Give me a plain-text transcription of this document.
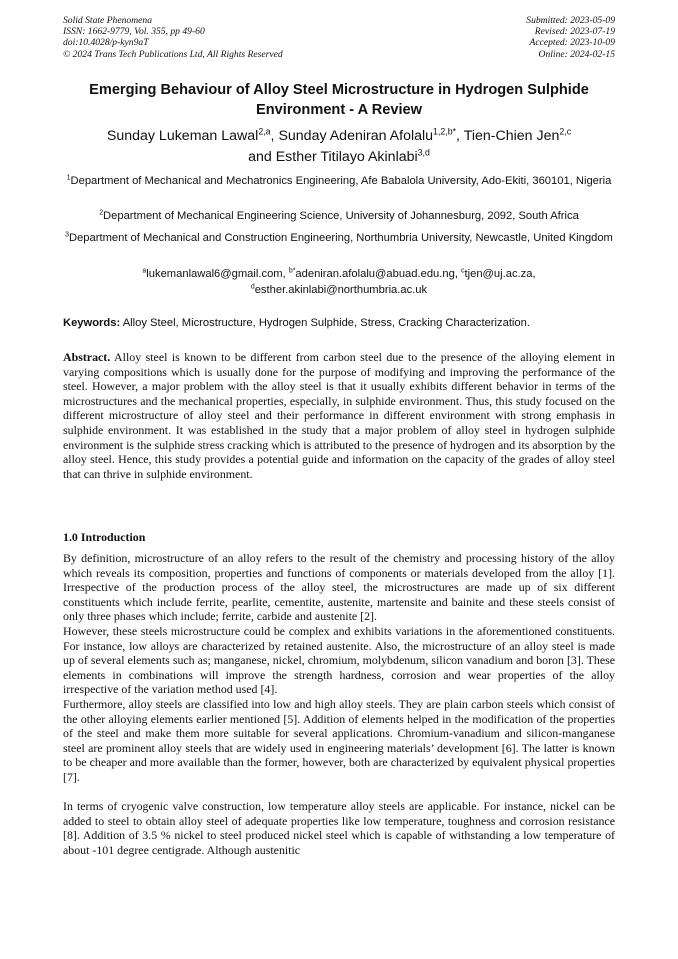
Solid State Phenomena
ISSN: 1662-9779, Vol. 355, pp 49-60
doi:10.4028/p-kyn9aT
© 2024 Trans Tech Publications Ltd, All Rights Reserved
Submitted: 2023-05-09
Revised: 2023-07-19
Accepted: 2023-10-09
Online: 2024-02-15
Emerging Behaviour of Alloy Steel Microstructure in Hydrogen Sulphide Environment - A Review
Sunday Lukeman Lawal$^{2,a}$, Sunday Adeniran Afolalu$^{1,2,b*}$, Tien-Chien Jen$^{2,c}$
and Esther Titilayo Akinlabi$^{3,d}$
$^1$Department of Mechanical and Mechatronics Engineering, Afe Babalola University, Ado-Ekiti, 360101, Nigeria
$^2$Department of Mechanical Engineering Science, University of Johannesburg, 2092, South Africa
$^3$Department of Mechanical and Construction Engineering, Northumbria University, Newcastle, United Kingdom
$^a$lukemanlawal6@gmail.com, $^{b*}$adeniran.afolalu@abuad.edu.ng, $^c$tjen@uj.ac.za,
$^d$esther.akinlabi@northumbria.ac.uk
Keywords: Alloy Steel, Microstructure, Hydrogen Sulphide, Stress, Cracking Characterization.
Abstract. Alloy steel is known to be different from carbon steel due to the presence of the alloying element in varying compositions which is usually done for the purpose of modifying and improving the performance of the steel. However, a major problem with the alloy steel is that it usually exhibits different behavior in terms of the microstructures and the mechanical properties, especially, in sulphide environment. Thus, this study focused on the different microstructure of alloy steel and their performance in different environment with strong emphasis in sulphide environment. It was established in the study that a major problem of alloy steel in hydrogen sulphide environment is the sulphide stress cracking which is attributed to the presence of hydrogen and its absorption by the alloy steel. Hence, this study provides a potential guide and information on the capacity of the grades of alloy steel that can thrive in sulphide environment.
1.0 Introduction

By definition, microstructure of an alloy refers to the result of the chemistry and processing history of the alloy which reveals its composition, properties and functions of components or materials developed from the alloy [1]. Irrespective of the production process of the alloy steel, the microstructures are made up of six different constituents which include ferrite, pearlite, cementite, austenite, martensite and bainite and these steels consist of only three phases which include; ferrite, carbide and austenite [2].

However, these steels microstructure could be complex and exhibits variations in the aforementioned constituents. For instance, low alloys are characterized by retained austenite. Also, the microstructure of an alloy steel is made up of several elements such as; manganese, nickel, chromium, molybdenum, silicon vanadium and boron [3]. These elements in combinations will improve the strength hardness, corrosion and wear properties of the alloy irrespective of the variation method used [4].

Furthermore, alloy steels are classified into low and high alloy steels. They are plain carbon steels which consist of the other alloying elements earlier mentioned [5]. Addition of elements helped in the modification of the properties of the steel and make them more suitable for several applications. Chromium-vanadium and silicon-manganese steel are prominent alloy steels that are widely used in engineering materials’ development [6]. The latter is known to be cheaper and more available than the former, however, both are characterized by equivalent physical properties [7].

In terms of cryogenic valve construction, low temperature alloy steels are applicable. For instance, nickel can be added to steel to obtain alloy steel of adequate properties like low temperature, toughness and corrosion resistance [8]. Addition of 3.5 % nickel to steel produced nickel steel which is capable of withstanding a low temperature of about -101 degree centigrade. Although austenitic
